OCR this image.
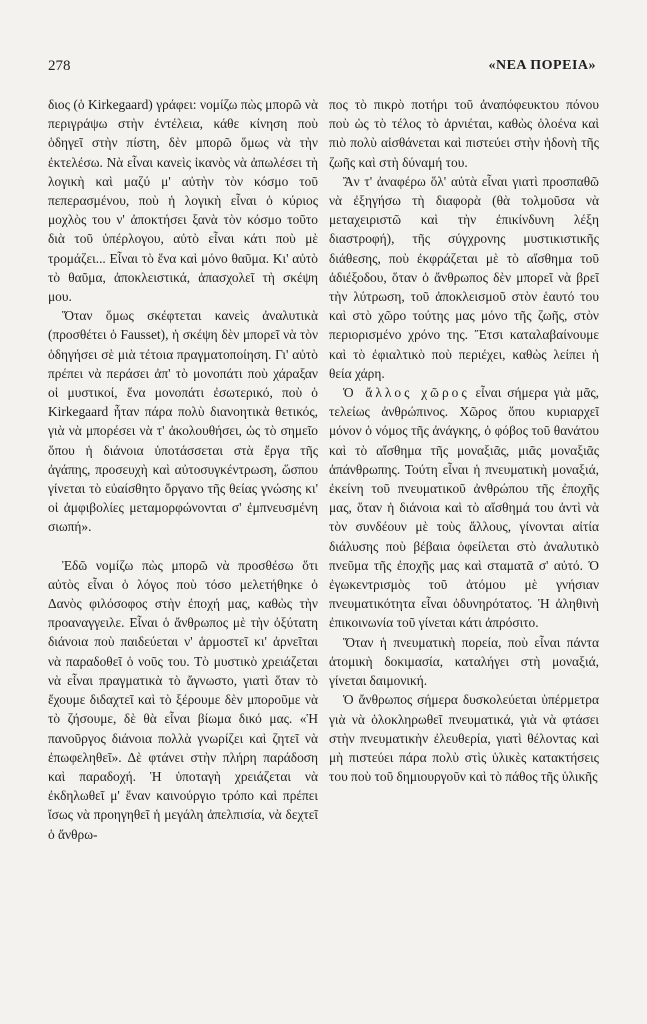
278	«ΝΕΑ ΠΟΡΕΙΑ»

διος (ὁ Kirkegaard) γράφει: νομίζω πὼς μπορῶ νὰ περιγράψω στὴν ἐντέλεια, κάθε κίνηση ποὺ ὁδηγεῖ στὴν πίστη, δὲν μπορῶ ὅμως νὰ τὴν ἐκτελέσω. Νὰ εἶναι κανεὶς ἱκανὸς νὰ ἀπωλέσει τὴ λογικὴ καὶ μαζύ μ' αὐτὴν τὸν κόσμο τοῦ πεπερασμένου, ποὺ ἡ λογικὴ εἶναι ὁ κύριος μοχλὸς του ν' ἀποκτήσει ξανὰ τὸν κόσμο τοῦτο διὰ τοῦ ὑπέρλογου, αὐτὸ εἶναι κάτι ποὺ μὲ τρομάζει... Εἶναι τὸ ἕνα καὶ μόνο θαῦμα. Κι' αὐτὸ τὸ θαῦμα, ἀποκλειστικά, ἀπασχολεῖ τὴ σκέψη μου.

Ὅταν ὅμως σκέφτεται κανεὶς ἀναλυτικὰ (προσθέτει ὁ Fausset), ἡ σκέψη δὲν μπορεῖ νὰ τὸν ὁδηγήσει σὲ μιὰ τέτοια πραγματοποίηση. Γι' αὐτὸ πρέπει νὰ περάσει ἀπ' τὸ μονοπάτι ποὺ χάραξαν οἱ μυστικοί, ἕνα μονοπάτι ἐσωτερικό, ποὺ ὁ Kirkegaard ἦταν πάρα πολὺ διανοητικὰ θετικός, γιὰ νὰ μπορέσει νὰ τ' ἀκολουθήσει, ὡς τὸ σημεῖο ὅπου ἡ διάνοια ὑποτάσσεται στὰ ἔργα τῆς ἀγάπης, προσευχὴ καὶ αὐτοσυγκέντρωση, ὥσπου γίνεται τὸ εὐαίσθητο ὄργανο τῆς θείας γνώσης κι' οἱ ἀμφιβολίες μεταμορφώνονται σ' ἐμπνευσμένη σιωπή».

Ἐδῶ νομίζω πὼς μπορῶ νὰ προσθέσω ὅτι αὐτὸς εἶναι ὁ λόγος ποὺ τόσο μελετήθηκε ὁ Δανὸς φιλόσοφος στὴν ἐποχή μας, καθὼς τὴν προαναγγειλε. Εἶναι ὁ ἄνθρωπος μὲ τὴν ὀξύτατη διάνοια ποὺ παιδεύεται ν' ἁρμοστεῖ κι' ἀρνεῖται νὰ παραδοθεῖ ὁ νοῦς του. Τὸ μυστικὸ χρειάζεται νὰ εἶναι πραγματικὰ τὸ ἄγνωστο, γιατὶ ὅταν τὸ ἔχουμε διδαχτεῖ καὶ τὸ ξέρουμε δὲν μποροῦμε νὰ τὸ ζήσουμε, δὲ θὰ εἶναι βίωμα δικό μας. «Ἡ πανοῦργος διάνοια πολλὰ γνωρίζει καὶ ζητεῖ νὰ ἐπωφεληθεῖ». Δὲ φτάνει στὴν πλήρη παράδοση καὶ παραδοχή. Ἡ ὑποταγὴ χρειάζεται νὰ ἐκδηλωθεῖ μ' ἕναν καινούργιο τρόπο καὶ πρέπει ἴσως νὰ προηγηθεῖ ἡ μεγάλη ἀπελπισία, νὰ δεχτεῖ ὁ ἄνθρω-

πος τὸ πικρὸ ποτήρι τοῦ ἀναπόφευκτου πόνου ποὺ ὡς τὸ τέλος τὸ ἀρνιέται, καθὼς ὁλοένα καὶ πιὸ πολὺ αἰσθάνεται καὶ πιστεύει στὴν ἡδονὴ τῆς ζωῆς καὶ στὴ δύναμή του.

Ἂν τ' ἀναφέρω ὅλ' αὐτὰ εἶναι γιατὶ προσπαθῶ νὰ ἐξηγήσω τὴ διαφορὰ (θὰ τολμοῦσα νὰ μεταχειριστῶ καὶ τὴν ἐπικίνδυνη λέξη διαστροφή), τῆς σύγχρονης μυστικιστικῆς διάθεσης, ποὺ ἐκφράζεται μὲ τὸ αἴσθημα τοῦ ἀδιέξοδου, ὅταν ὁ ἄνθρωπος δὲν μπορεῖ νὰ βρεῖ τὴν λύτρωση, τοῦ ἀποκλεισμοῦ στὸν ἑαυτό του καὶ στὸ χῶρο τούτης μας μόνο τῆς ζωῆς, στὸν περιορισμένο χρόνο της. Ἔτσι καταλαβαίνουμε καὶ τὸ ἐφιαλτικὸ ποὺ περιέχει, καθὼς λείπει ἡ θεία χάρη.

Ὁ ἄλλος χῶρος εἶναι σήμερα γιὰ μᾶς, τελείως ἀνθρώπινος. Χῶρος ὅπου κυριαρχεῖ μόνον ὁ νόμος τῆς ἀνάγκης, ὁ φόβος τοῦ θανάτου καὶ τὸ αἴσθημα τῆς μοναξιᾶς, μιᾶς μοναξιᾶς ἀπάνθρωπης. Τούτη εἶναι ἡ πνευματικὴ μοναξιά, ἐκείνη τοῦ πνευματικοῦ ἀνθρώπου τῆς ἐποχῆς μας, ὅταν ἡ διάνοια καὶ τὸ αἴσθημά του ἀντὶ νὰ τὸν συνδέουν μὲ τοὺς ἄλλους, γίνονται αἰτία διάλυσης ποὺ βέβαια ὀφείλεται στὸ ἀναλυτικὸ πνεῦμα τῆς ἐποχῆς μας καὶ σταματᾶ σ' αὐτό. Ὁ ἐγωκεντρισμὸς τοῦ ἀτόμου μὲ γνήσιαν πνευματικότητα εἶναι ὀδυνηρότατος. Ἡ ἀληθινὴ ἐπικοινωνία τοῦ γίνεται κάτι ἀπρόσιτο.

Ὅταν ἡ πνευματικὴ πορεία, ποὺ εἶναι πάντα ἀτομικὴ δοκιμασία, καταλήγει στὴ μοναξιά, γίνεται δαιμονική.

Ὁ ἄνθρωπος σήμερα δυσκολεύεται ὑπέρμετρα γιὰ νὰ ὁλοκληρωθεῖ πνευματικά, γιὰ νὰ φτάσει στὴν πνευματικὴν ἐλευθερία, γιατὶ θέλοντας καὶ μὴ πιστεύει πάρα πολὺ στὶς ὑλικὲς κατακτήσεις του ποὺ τοῦ δημιουργοῦν καὶ τὸ πάθος τῆς ὑλικῆς
